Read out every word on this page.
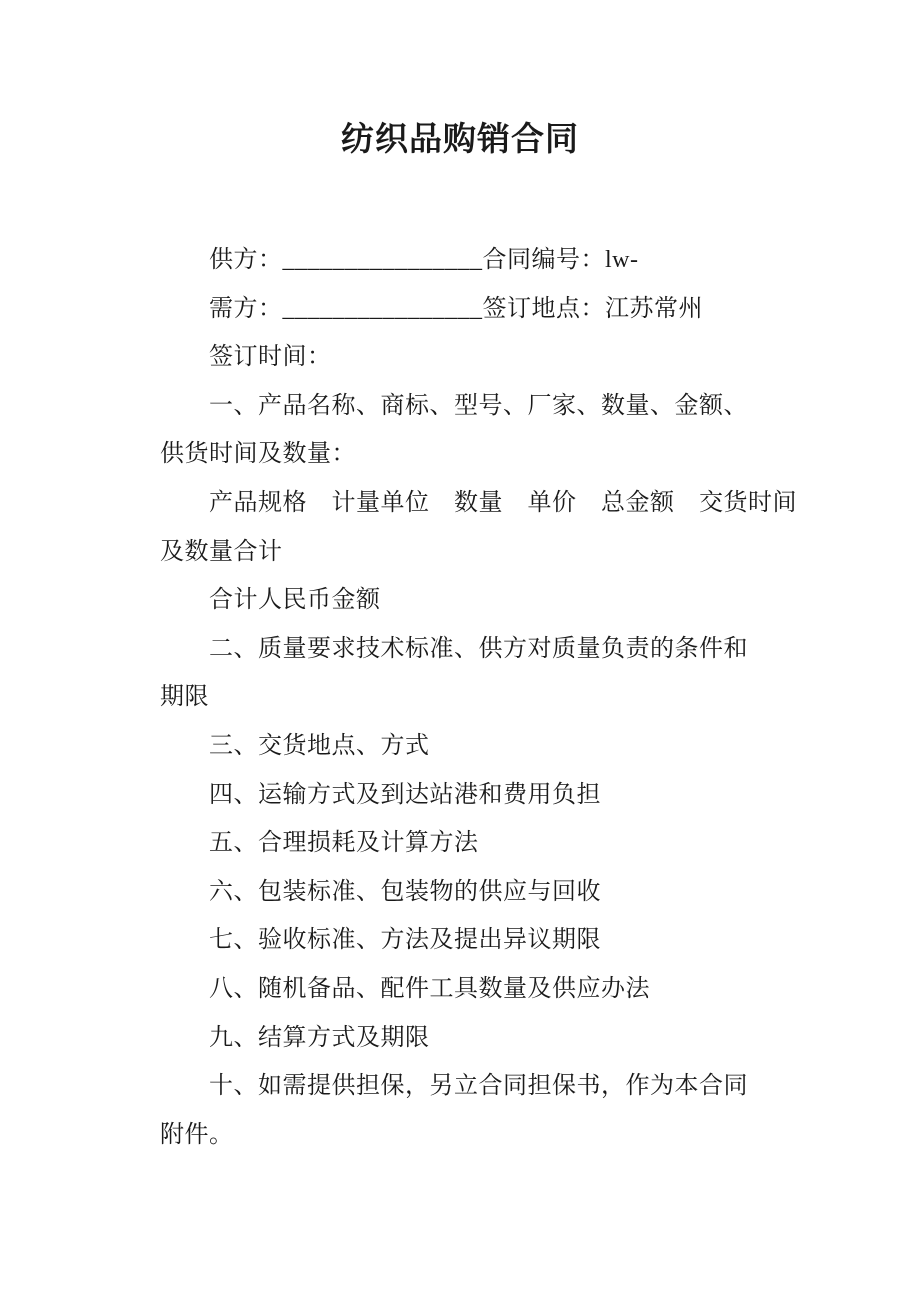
纺织品购销合同
供方：________________合同编号：lw-
需方：________________签订地点：江苏常州
签订时间：
一、产品名称、商标、型号、厂家、数量、金额、
供货时间及数量：
产品规格　计量单位　数量　单价　总金额　交货时间
及数量合计
合计人民币金额
二、质量要求技术标准、供方对质量负责的条件和
期限
三、交货地点、方式
四、运输方式及到达站港和费用负担
五、合理损耗及计算方法
六、包装标准、包装物的供应与回收
七、验收标准、方法及提出异议期限
八、随机备品、配件工具数量及供应办法
九、结算方式及期限
十、如需提供担保，另立合同担保书，作为本合同
附件。
